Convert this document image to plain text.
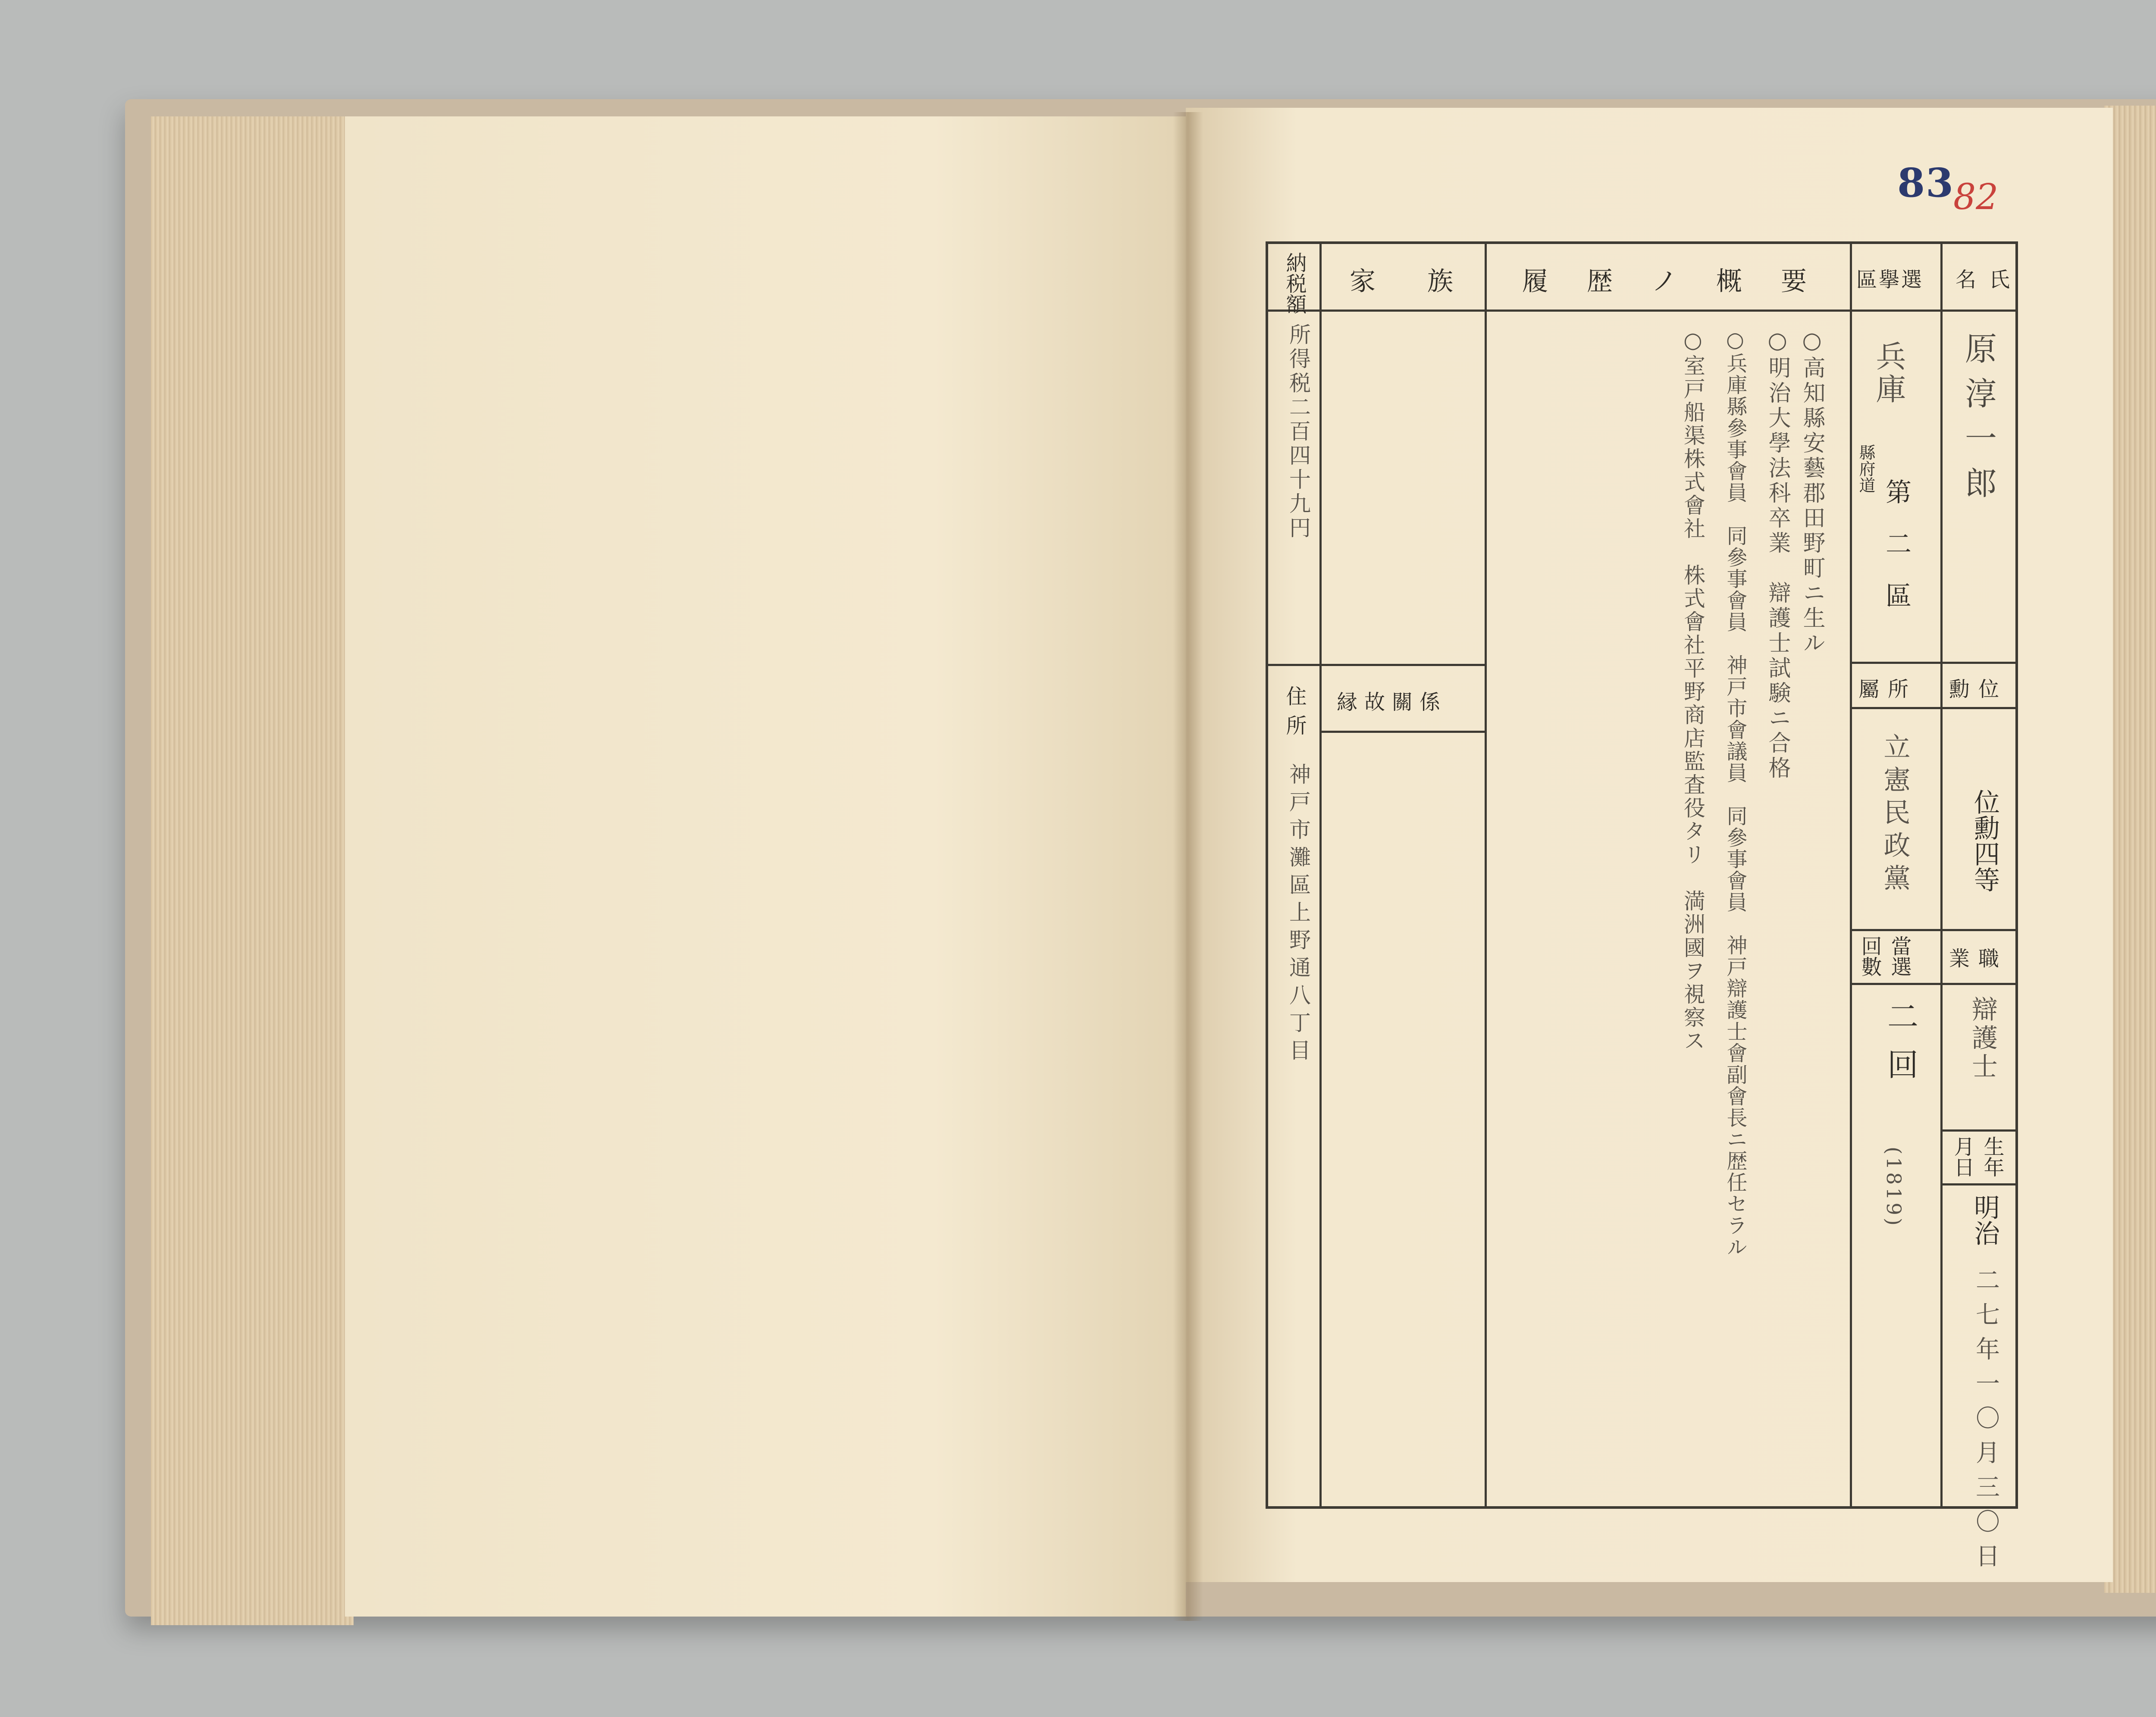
83
82
納税額 家族 履歴ノ概要 區擧選 名氏
原淳一郎
兵庫
縣府道
第二區
勳位
位勳四等
屬所
立憲民政黨
業職
辯護士
當選回數
二回
(1819)	生年月日
明治
二七年一〇月三〇日
○高知縣安藝郡田野町ニ生ル
○明治大學法科卒業　辯護士試験ニ合格
○兵庫縣參事會員　同參事會員　神戸市會議員　同參事會員　神戸辯護士會副會長ニ歴任セラル
○室戸船渠株式會社　株式會社平野商店監査役タリ　満洲國ヲ視察ス
縁故關係
所得税二百四十九円
住所
神戸市灘區上野通八丁目
